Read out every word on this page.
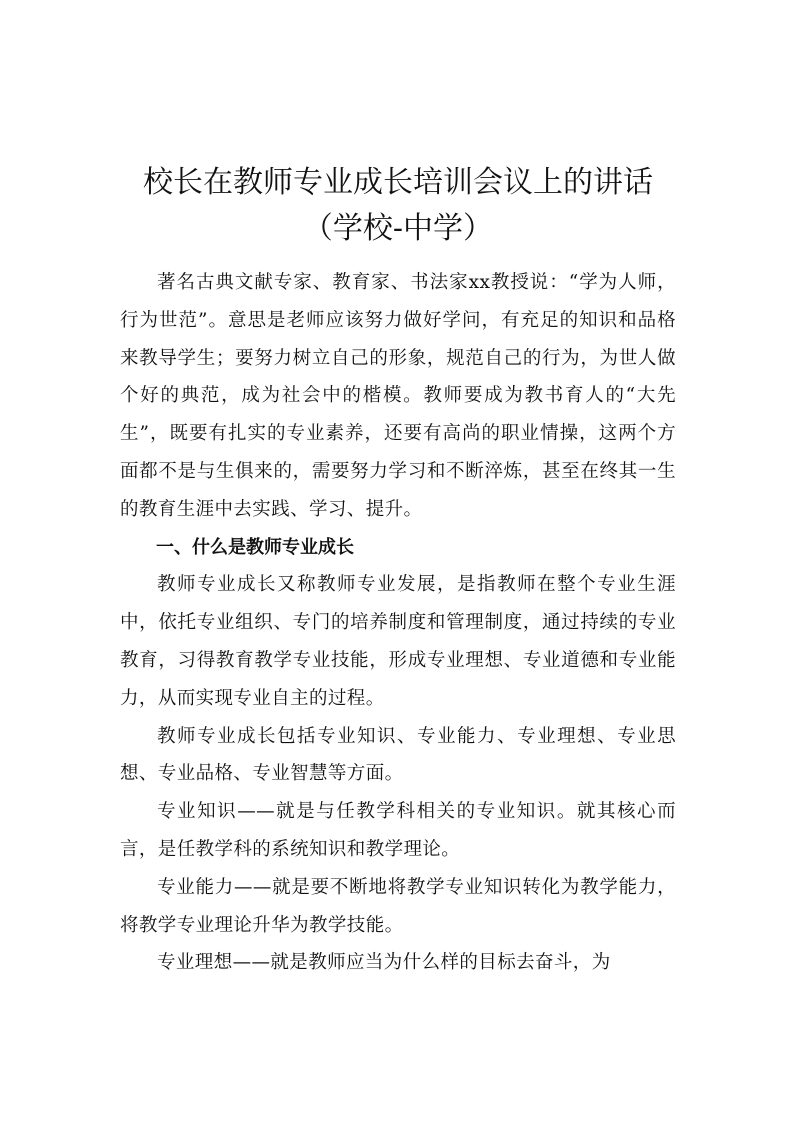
校长在教师专业成长培训会议上的讲话（学校-中学）

著名古典文献专家、教育家、书法家xx教授说：“学为人师，行为世范”。意思是老师应该努力做好学问，有充足的知识和品格来教导学生；要努力树立自己的形象，规范自己的行为，为世人做个好的典范，成为社会中的楷模。教师要成为教书育人的“大先生”，既要有扎实的专业素养，还要有高尚的职业情操，这两个方面都不是与生俱来的，需要努力学习和不断淬炼，甚至在终其一生的教育生涯中去实践、学习、提升。

一、什么是教师专业成长

教师专业成长又称教师专业发展，是指教师在整个专业生涯中，依托专业组织、专门的培养制度和管理制度，通过持续的专业教育，习得教育教学专业技能，形成专业理想、专业道德和专业能力，从而实现专业自主的过程。

教师专业成长包括专业知识、专业能力、专业理想、专业思想、专业品格、专业智慧等方面。

专业知识——就是与任教学科相关的专业知识。就其核心而言，是任教学科的系统知识和教学理论。

专业能力——就是要不断地将教学专业知识转化为教学能力，将教学专业理论升华为教学技能。

专业理想——就是教师应当为什么样的目标去奋斗，为
